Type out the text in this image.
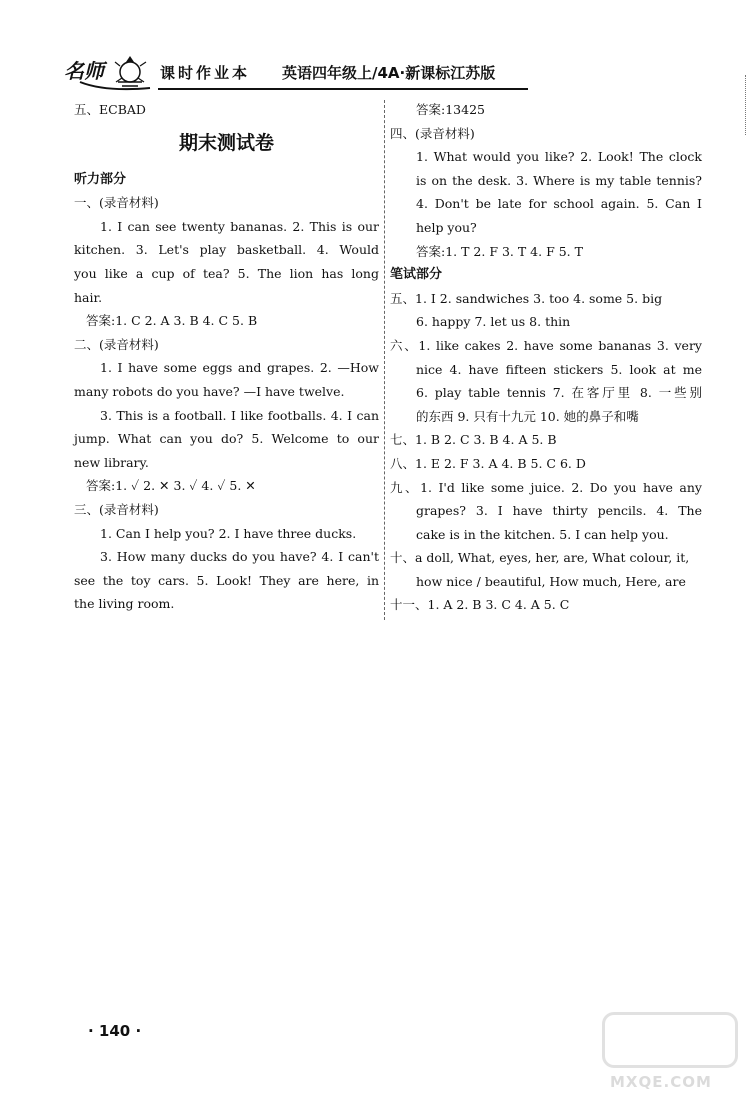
名师	课时作业本 英语四年级上/4A·新课标江苏版
五、ECBAD
期末测试卷
听力部分
一、(录音材料)
1. I can see twenty bananas. 2. This is our
kitchen. 3. Let's play basketball. 4. Would
you like a cup of tea? 5. The lion has long
hair.
答案:1. C 2. A 3. B 4. C 5. B
二、(录音材料)
1. I have some eggs and grapes. 2. —How
many robots do you have? —I have twelve.
3. This is a football. I like footballs. 4. I can
jump. What can you do? 5. Welcome to our
new library.
答案:1. ✓ 2. ✕ 3. ✓ 4. ✓ 5. ✕
三、(录音材料)
1. Can I help you? 2. I have three ducks.
3. How many ducks do you have? 4. I can't
see the toy cars. 5. Look! They are here, in
the living room.
答案:13425
四、(录音材料)
1. What would you like? 2. Look! The clock
is on the desk. 3. Where is my table tennis?
4. Don't be late for school again. 5. Can I
help you?
答案:1. T 2. F 3. T 4. F 5. T
笔试部分
五、1. I 2. sandwiches 3. too 4. some 5. big
6. happy 7. let us 8. thin
六、1. like cakes 2. have some bananas 3. very
nice 4. have fifteen stickers 5. look at me
6. play table tennis 7. 在客厅里 8. 一些别
的东西 9. 只有十九元 10. 她的鼻子和嘴
七、1. B 2. C 3. B 4. A 5. B
八、1. E 2. F 3. A 4. B 5. C 6. D
九、1. I'd like some juice. 2. Do you have any
grapes? 3. I have thirty pencils. 4. The
cake is in the kitchen. 5. I can help you.
十、a doll, What, eyes, her, are, What colour, it,
how nice / beautiful, How much, Here, are
十一、1. A 2. B 3. C 4. A 5. C
· 140 ·
MXQE.COM
